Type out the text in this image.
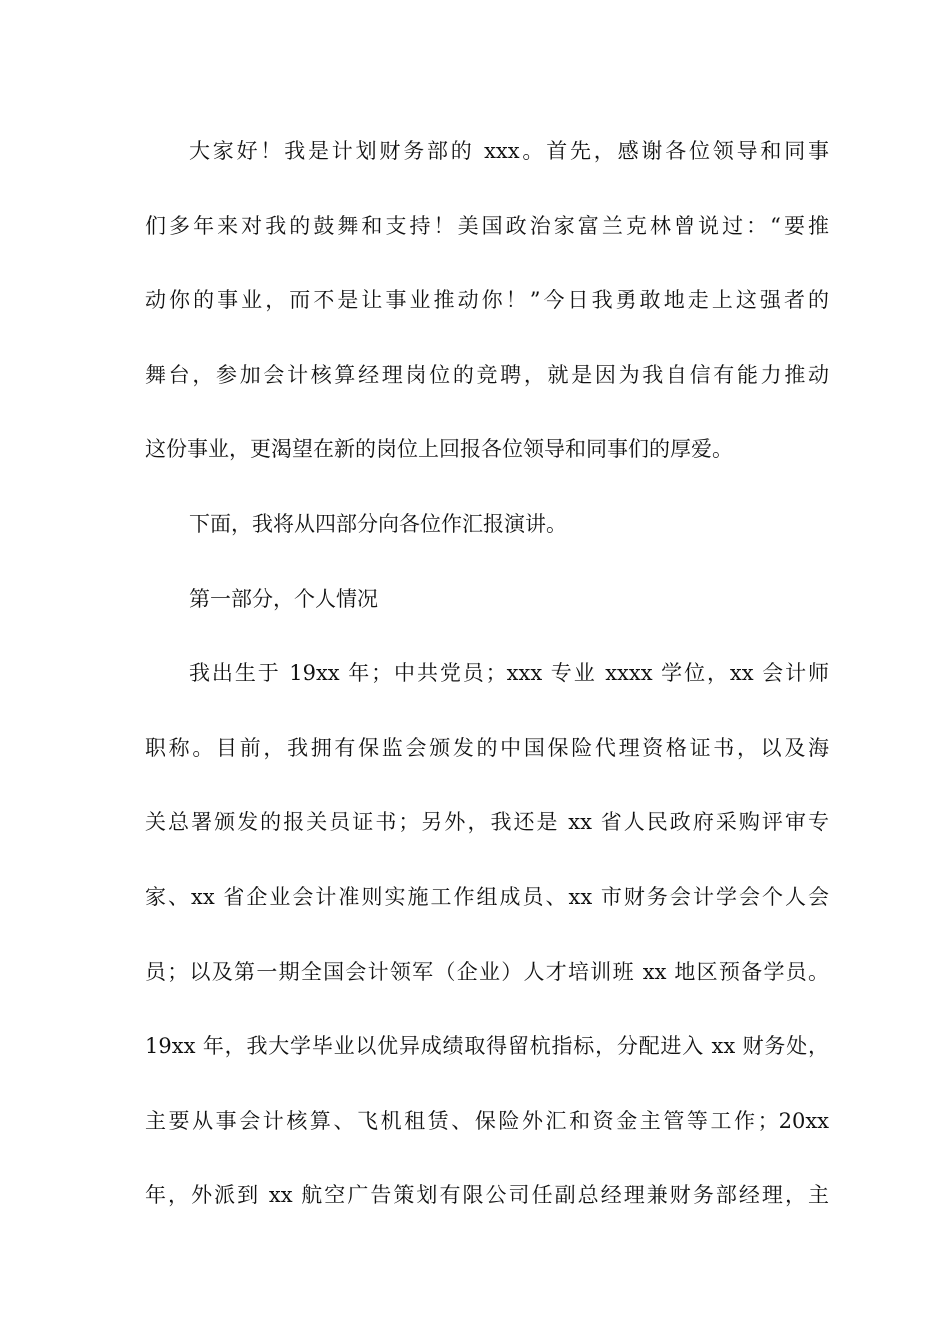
大家好！我是计划财务部的 xxx。首先，感谢各位领导和同事
们多年来对我的鼓舞和支持！美国政治家富兰克林曾说过：“要推
动你的事业，而不是让事业推动你！”今日我勇敢地走上这强者的
舞台，参加会计核算经理岗位的竞聘，就是因为我自信有能力推动
这份事业，更渴望在新的岗位上回报各位领导和同事们的厚爱。
下面，我将从四部分向各位作汇报演讲。
第一部分，个人情况
我出生于 19xx 年；中共党员；xxx 专业 xxxx 学位，xx 会计师
职称。目前，我拥有保监会颁发的中国保险代理资格证书，以及海
关总署颁发的报关员证书；另外，我还是 xx 省人民政府采购评审专
家、xx 省企业会计准则实施工作组成员、xx 市财务会计学会个人会
员；以及第一期全国会计领军（企业）人才培训班 xx 地区预备学员。
19xx 年，我大学毕业以优异成绩取得留杭指标，分配进入 xx 财务处，
主要从事会计核算、飞机租赁、保险外汇和资金主管等工作；20xx
年，外派到 xx 航空广告策划有限公司任副总经理兼财务部经理，主
